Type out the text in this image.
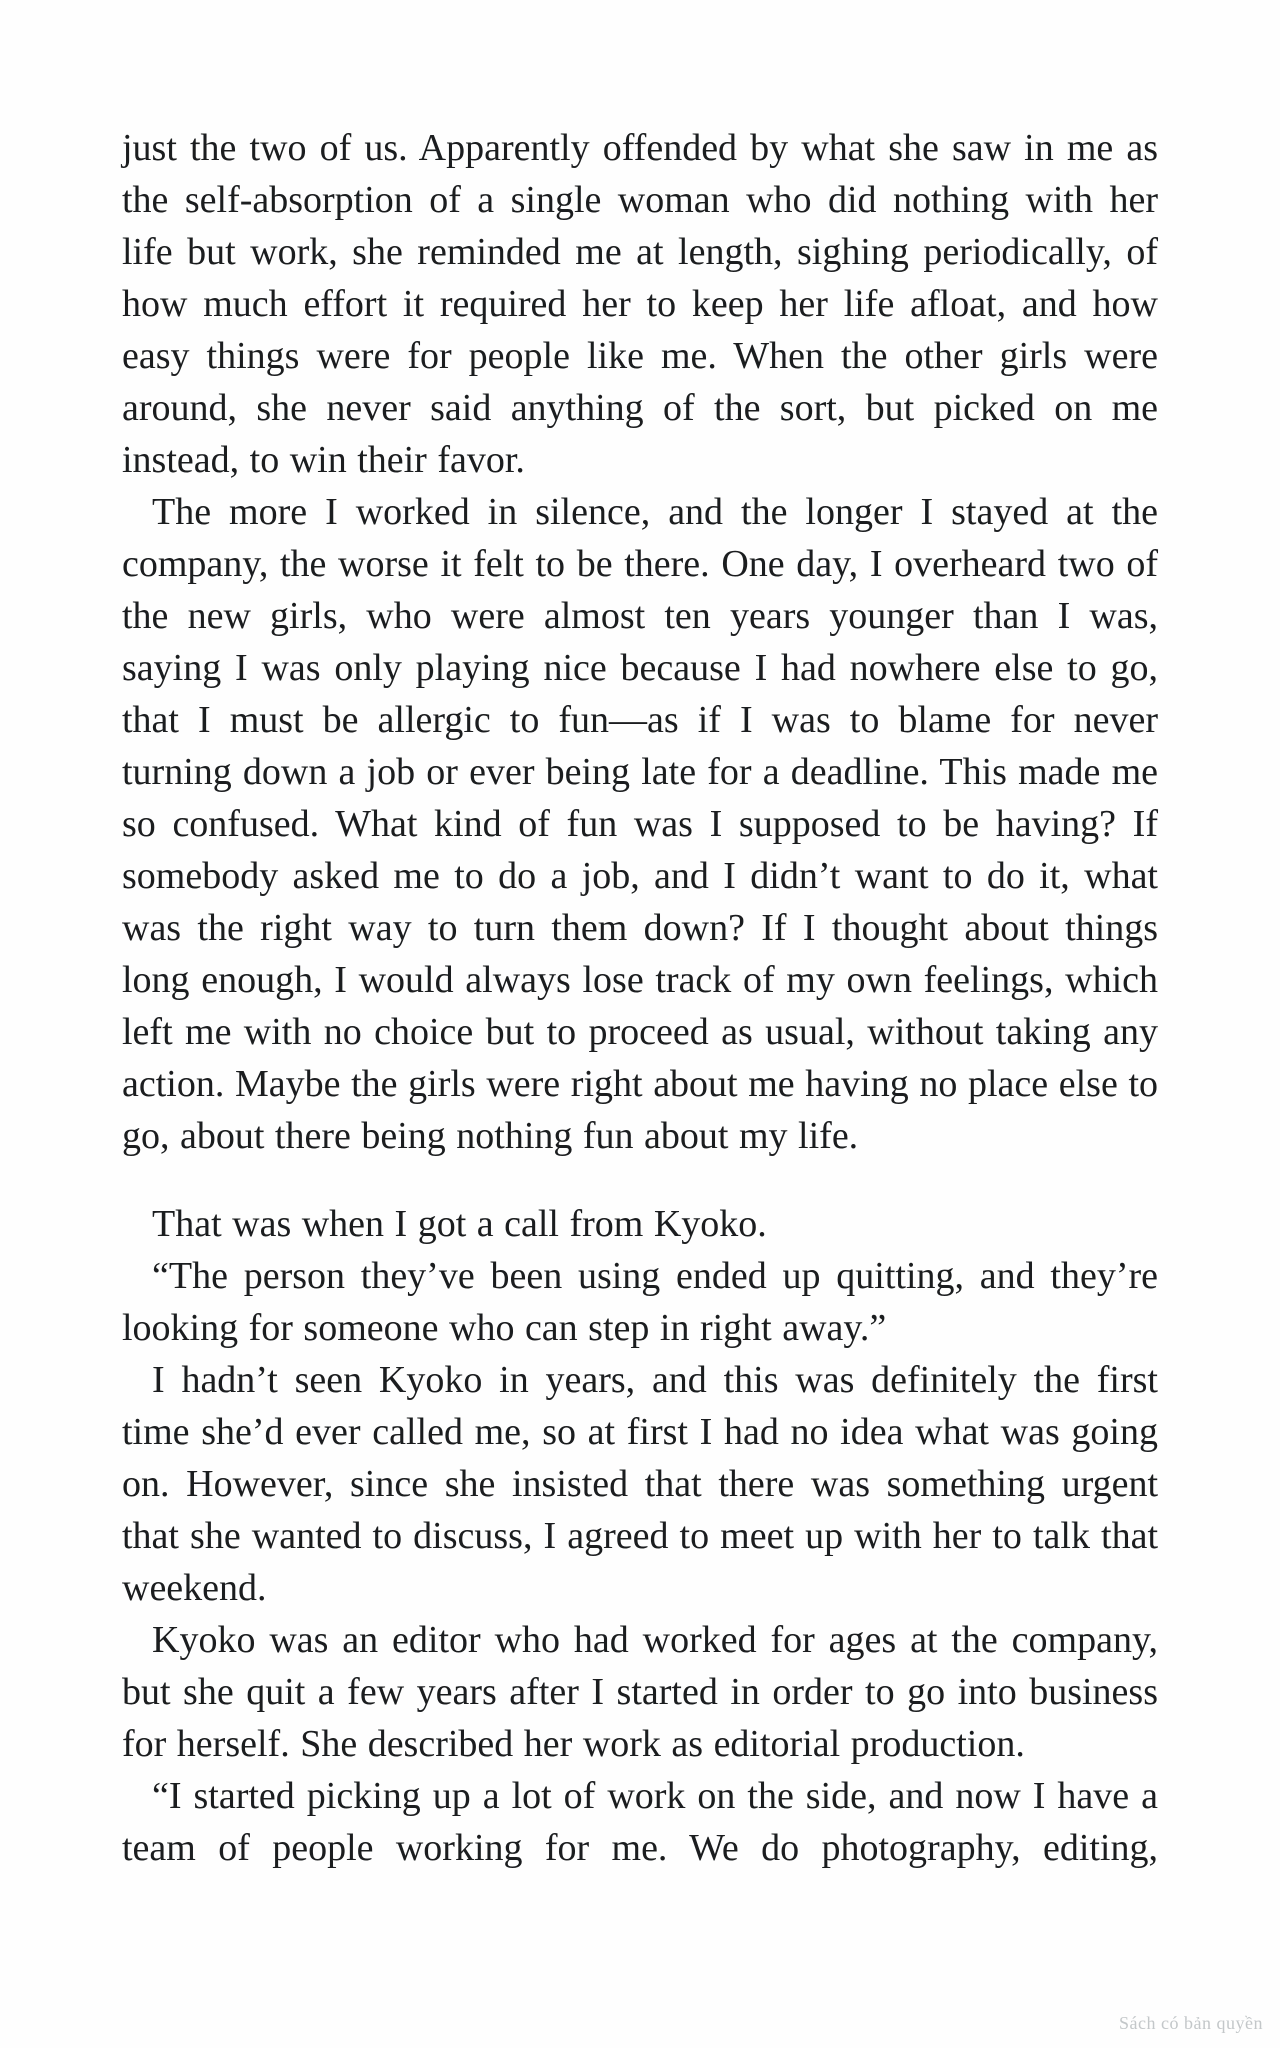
just the two of us. Apparently offended by what she saw in me as the self-absorption of a single woman who did nothing with her life but work, she reminded me at length, sighing periodically, of how much effort it required her to keep her life afloat, and how easy things were for people like me. When the other girls were around, she never said anything of the sort, but picked on me instead, to win their favor.

The more I worked in silence, and the longer I stayed at the company, the worse it felt to be there. One day, I overheard two of the new girls, who were almost ten years younger than I was, saying I was only playing nice because I had nowhere else to go, that I must be allergic to fun—as if I was to blame for never turning down a job or ever being late for a deadline. This made me so confused. What kind of fun was I supposed to be having? If somebody asked me to do a job, and I didn’t want to do it, what was the right way to turn them down? If I thought about things long enough, I would always lose track of my own feelings, which left me with no choice but to proceed as usual, without taking any action. Maybe the girls were right about me having no place else to go, about there being nothing fun about my life.

That was when I got a call from Kyoko.

“The person they’ve been using ended up quitting, and they’re looking for someone who can step in right away.”

I hadn’t seen Kyoko in years, and this was definitely the first time she’d ever called me, so at first I had no idea what was going on. However, since she insisted that there was something urgent that she wanted to discuss, I agreed to meet up with her to talk that weekend.

Kyoko was an editor who had worked for ages at the company, but she quit a few years after I started in order to go into business for herself. She described her work as editorial production.

“I started picking up a lot of work on the side, and now I have a team of people working for me. We do photography, editing,

Sách có bản quyền
